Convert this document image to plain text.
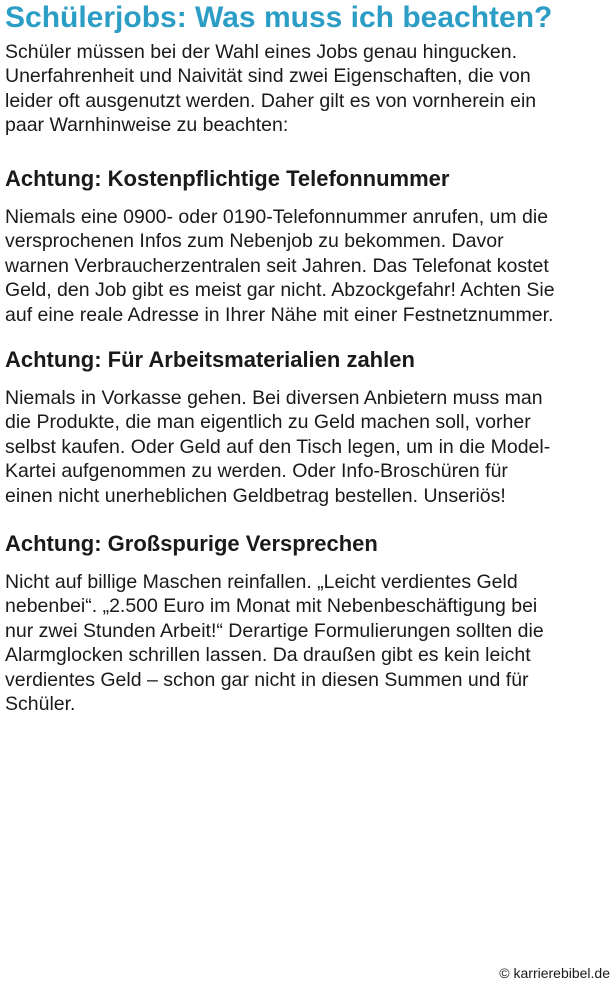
Schülerjobs: Was muss ich beachten?
Schüler müssen bei der Wahl eines Jobs genau hingucken.
Unerfahrenheit und Naivität sind zwei Eigenschaften, die von
leider oft ausgenutzt werden. Daher gilt es von vornherein ein
paar Warnhinweise zu beachten:
Achtung: Kostenpflichtige Telefonnummer
Niemals eine 0900- oder 0190-Telefonnummer anrufen, um die
versprochenen Infos zum Nebenjob zu bekommen. Davor
warnen Verbraucherzentralen seit Jahren. Das Telefonat kostet
Geld, den Job gibt es meist gar nicht. Abzockgefahr! Achten Sie
auf eine reale Adresse in Ihrer Nähe mit einer Festnetznummer.
Achtung: Für Arbeitsmaterialien zahlen
Niemals in Vorkasse gehen. Bei diversen Anbietern muss man
die Produkte, die man eigentlich zu Geld machen soll, vorher
selbst kaufen. Oder Geld auf den Tisch legen, um in die Model-
Kartei aufgenommen zu werden. Oder Info-Broschüren für
einen nicht unerheblichen Geldbetrag bestellen. Unseriös!
Achtung: Großspurige Versprechen
Nicht auf billige Maschen reinfallen. „Leicht verdientes Geld
nebenbei“. „2.500 Euro im Monat mit Nebenbeschäftigung bei
nur zwei Stunden Arbeit!“ Derartige Formulierungen sollten die
Alarmglocken schrillen lassen. Da draußen gibt es kein leicht
verdientes Geld – schon gar nicht in diesen Summen und für
Schüler.
© karrierebibel.de
